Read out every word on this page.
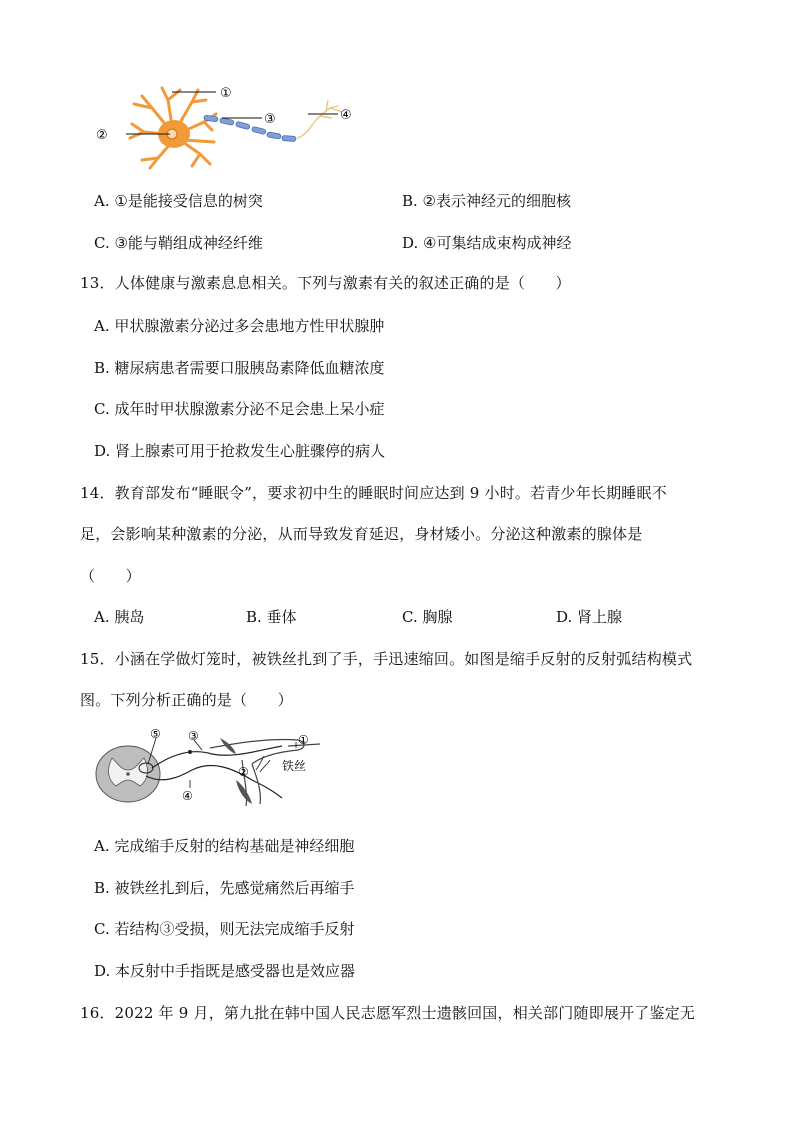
①
②
③	④
A. ①是能接受信息的树突	B. ②表示神经元的细胞核
C. ③能与鞘组成神经纤维	D. ④可集结成束构成神经
13．人体健康与激素息息相关。下列与激素有关的叙述正确的是（　　）
A. 甲状腺激素分泌过多会患地方性甲状腺肿
B. 糖尿病患者需要口服胰岛素降低血糖浓度
C. 成年时甲状腺激素分泌不足会患上呆小症
D. 肾上腺素可用于抢救发生心脏骤停的病人
14．教育部发布“睡眠令”，要求初中生的睡眠时间应达到 9 小时。若青少年长期睡眠不
足，会影响某种激素的分泌，从而导致发育延迟，身材矮小。分泌这种激素的腺体是
（　　）
A. 胰岛	B. 垂体	C. 胸腺	D. 肾上腺
15．小涵在学做灯笼时，被铁丝扎到了手，手迅速缩回。如图是缩手反射的反射弧结构模式
图。下列分析正确的是（　　）
⑤ ③	①
②
④
铁丝
A. 完成缩手反射的结构基础是神经细胞
B. 被铁丝扎到后，先感觉痛然后再缩手
C. 若结构③受损，则无法完成缩手反射
D. 本反射中手指既是感受器也是效应器
16．2022 年 9 月，第九批在韩中国人民志愿军烈士遗骸回国，相关部门随即展开了鉴定无
